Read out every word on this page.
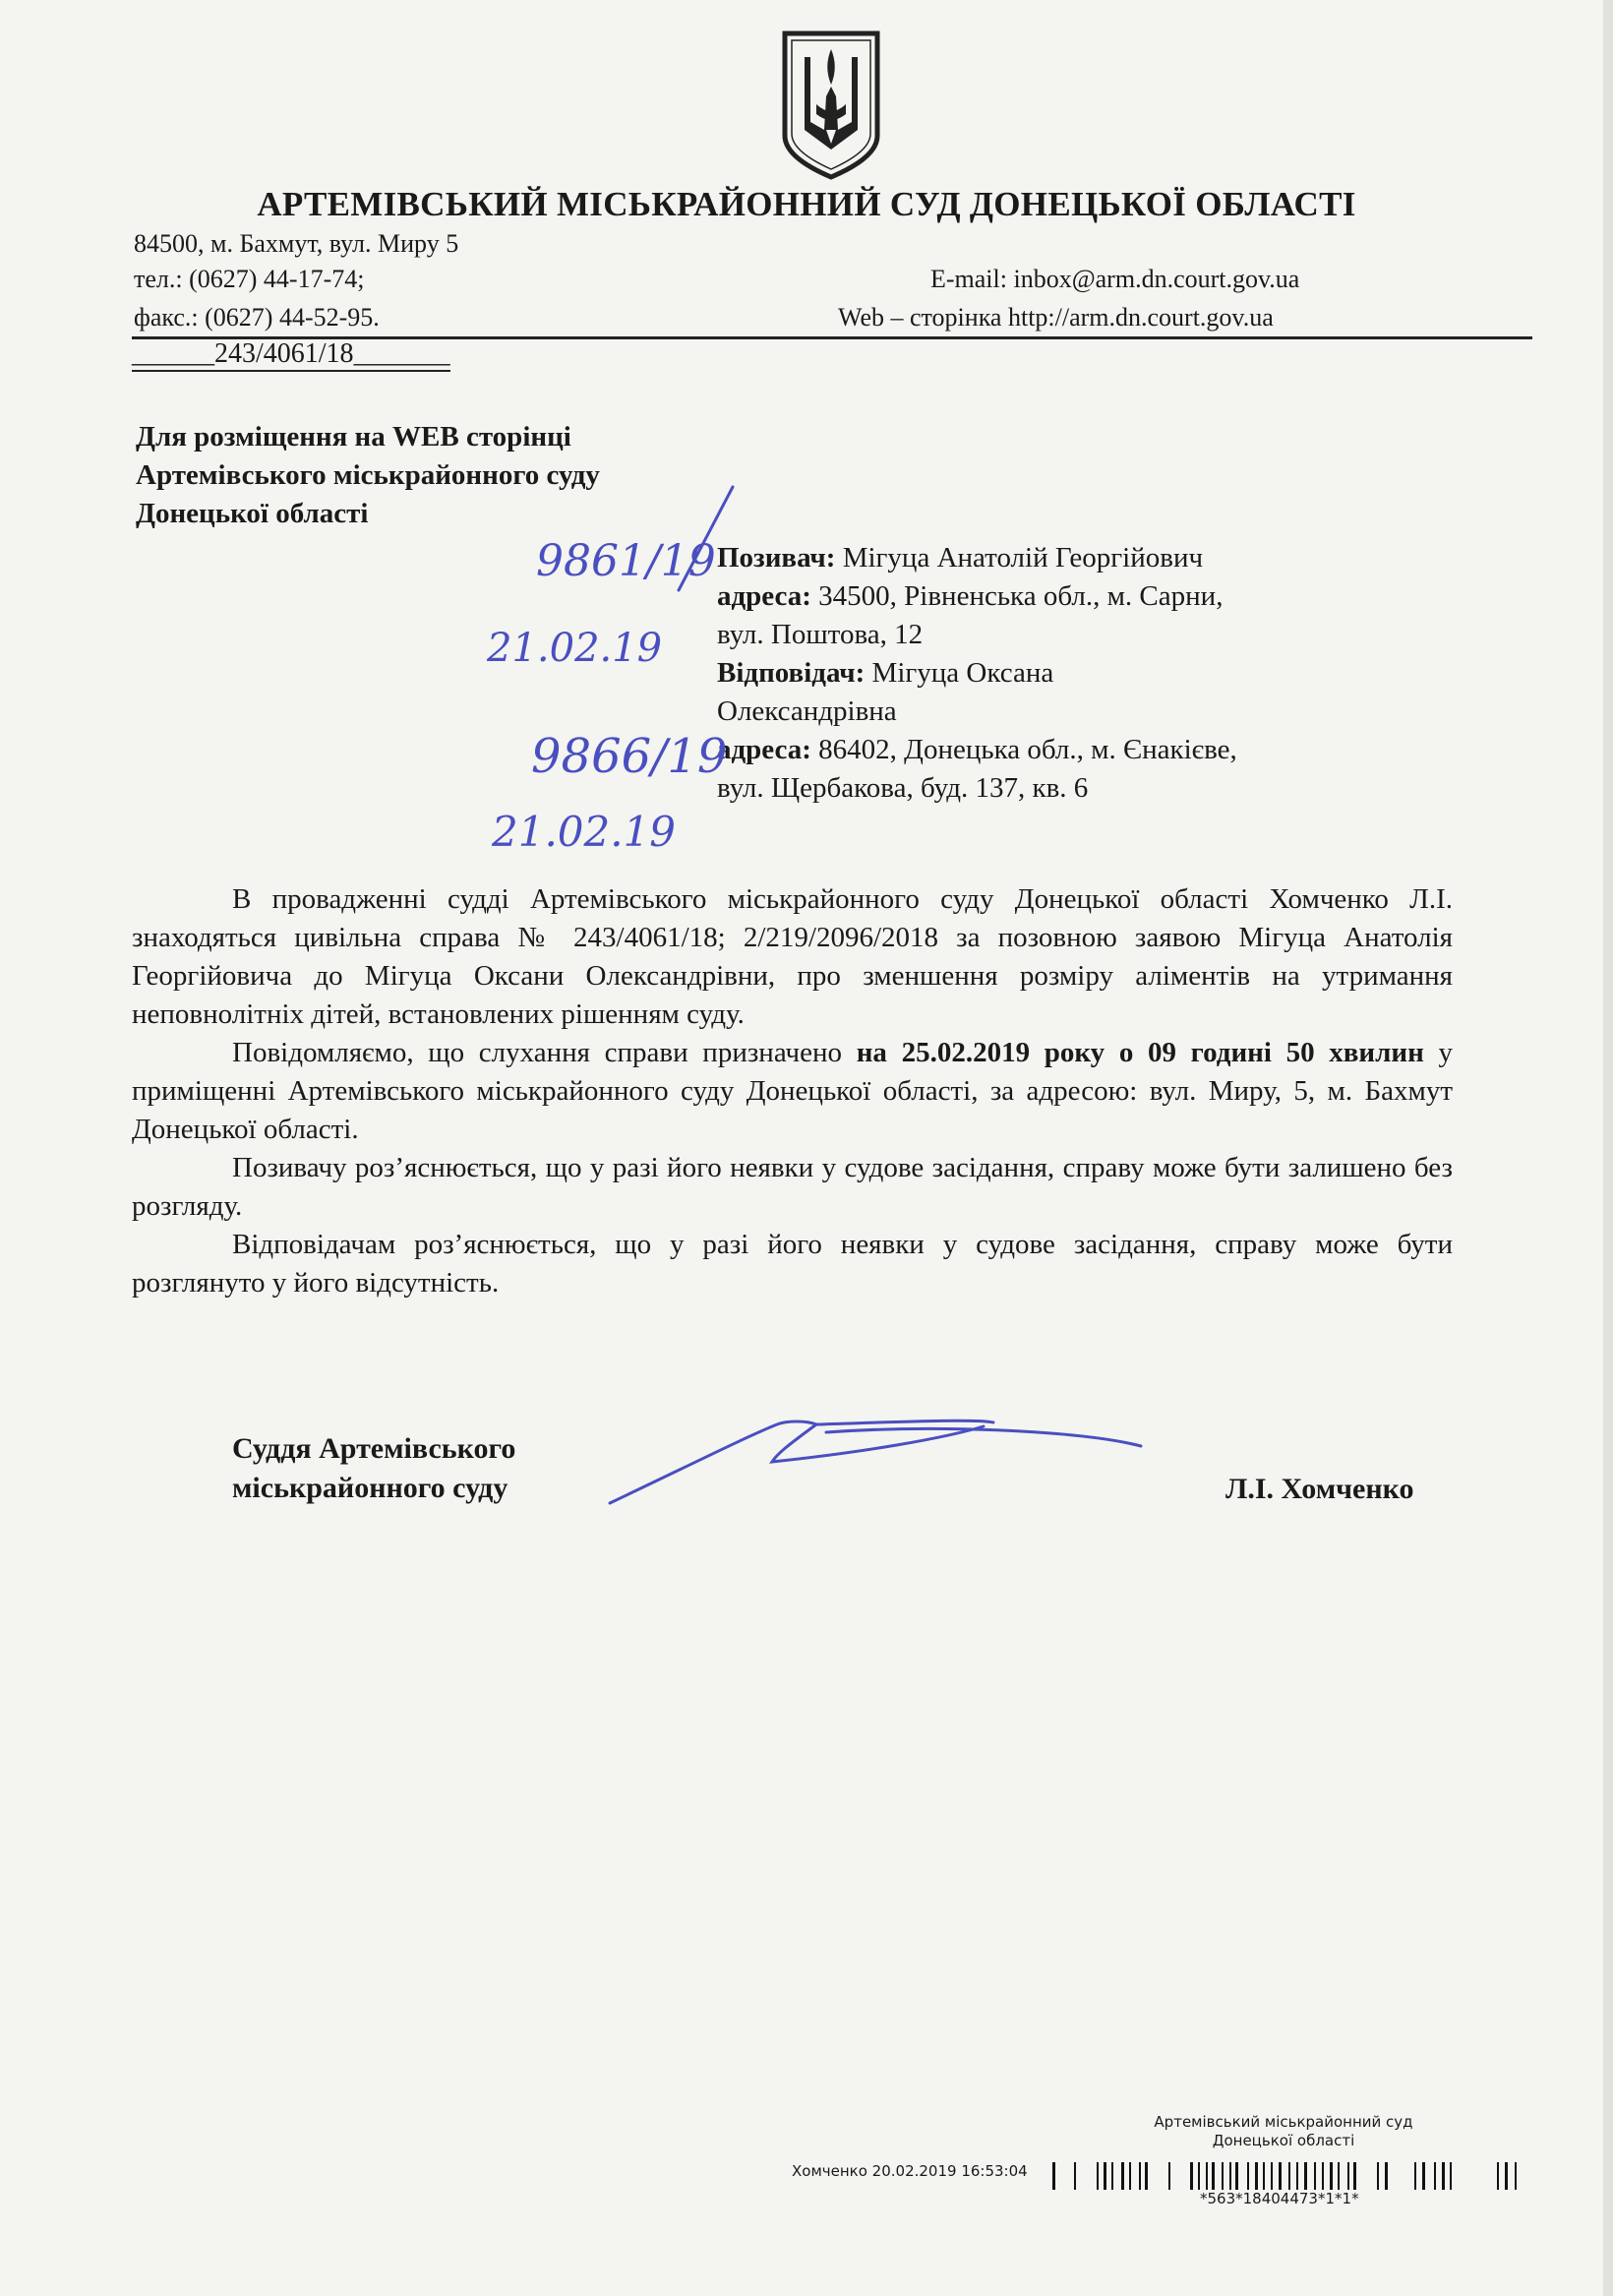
АРТЕМІВСЬКИЙ МІСЬКРАЙОННИЙ СУД ДОНЕЦЬКОЇ ОБЛАСТІ
84500, м. Бахмут, вул. Миру 5
тел.: (0627) 44-17-74;
факс.: (0627) 44-52-95.
E-mail: inbox@arm.dn.court.gov.ua
Web – сторінка http://arm.dn.court.gov.ua
______243/4061/18_______
Для розміщення на WEB сторінці
Артемівського міськрайонного суду
Донецької області
Позивач: Мігуца Анатолій Георгійович
адреса: 34500, Рівненська обл., м. Сарни,
вул. Поштова, 12
Відповідач: Мігуца Оксана
Олександрівна
адреса: 86402, Донецька обл., м. Єнакієве,
вул. Щербакова, буд. 137, кв. 6

В провадженні судді Артемівського міськрайонного суду Донецької області Хомченко Л.І. знаходяться цивільна справа № 243/4061/18; 2/219/2096/2018 за позовною заявою Мігуца Анатолія Георгійовича до Мігуца Оксани Олександрівни, про зменшення розміру аліментів на утримання неповнолітніх дітей, встановлених рішенням суду.

Повідомляємо, що слухання справи призначено на 25.02.2019 року о 09 годині 50 хвилин у приміщенні Артемівського міськрайонного суду Донецької області, за адресою: вул. Миру, 5, м. Бахмут Донецької області.

Позивачу роз’яснюється, що у разі його неявки у судове засідання, справу може бути залишено без розгляду.

Відповідачам роз’яснюється, що у разі його неявки у судове засідання, справу може бути розглянуто у його відсутність.

Суддя Артемівського
міськрайонного суду	Л.І. Хомченко
9861/19
21.02.19
9866/19
21.02.19
Артемівський міськрайонний суд
Донецької області
Хомченко 20.02.2019 16:53:04
*563*18404473*1*1*
